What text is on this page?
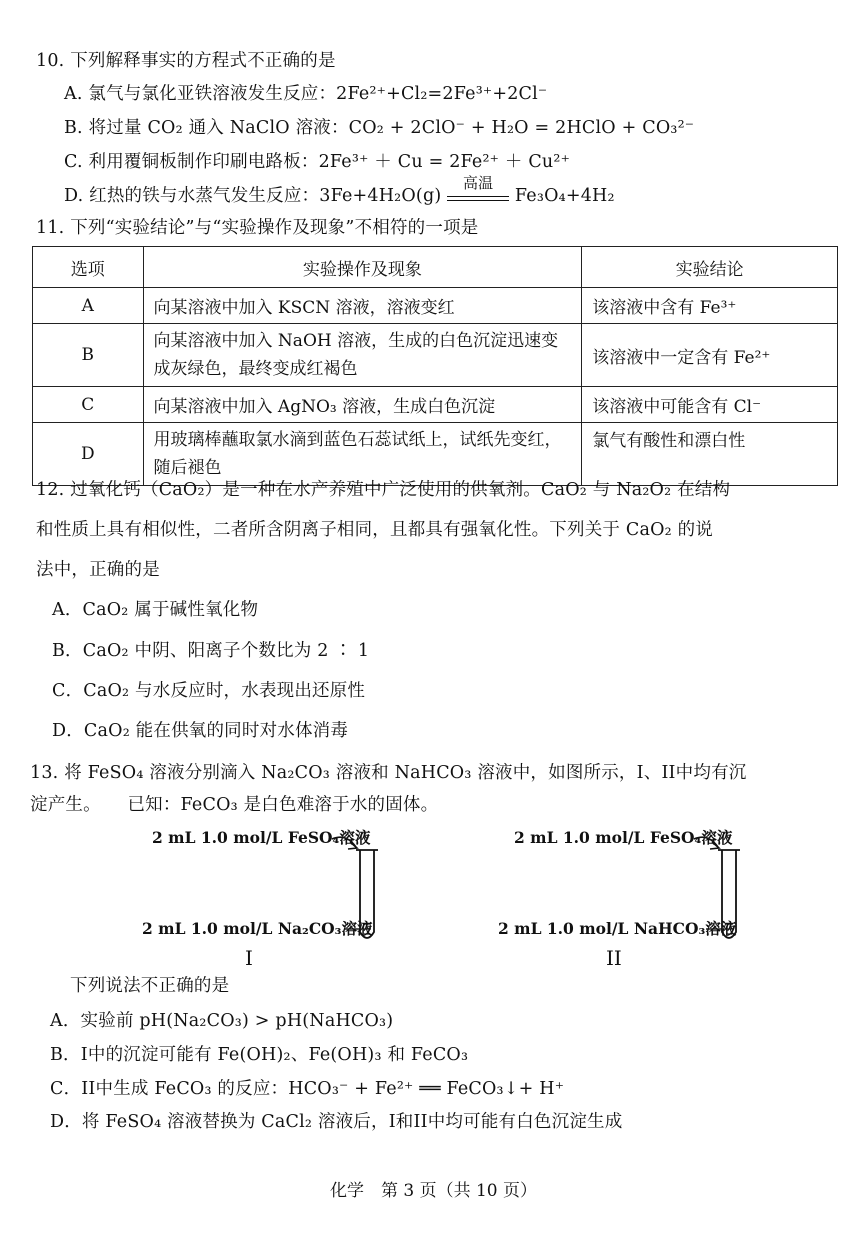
10. 下列解释事实的方程式不正确的是
A. 氯气与氯化亚铁溶液发生反应：2Fe²⁺+Cl₂=2Fe³⁺+2Cl⁻
B. 将过量 CO₂ 通入 NaClO 溶液：CO₂ + 2ClO⁻ + H₂O = 2HClO + CO₃²⁻
C. 利用覆铜板制作印刷电路板：2Fe³⁺ ＋ Cu = 2Fe²⁺ ＋ Cu²⁺
D. 红热的铁与水蒸气发生反应：3Fe+4H₂O(g)
高温
Fe₃O₄+4H₂
11. 下列“实验结论”与“实验操作及现象”不相符的一项是
选项	实验操作及现象	实验结论
A	向某溶液中加入 KSCN 溶液，溶液变红	该溶液中含有 Fe³⁺
B	向某溶液中加入 NaOH 溶液，生成的白色沉淀迅速变成灰绿色，最终变成红褐色	该溶液中一定含有 Fe²⁺
C	向某溶液中加入 AgNO₃ 溶液，生成白色沉淀	该溶液中可能含有 Cl⁻
D	用玻璃棒蘸取氯水滴到蓝色石蕊试纸上，试纸先变红，随后褪色	氯气有酸性和漂白性
12. 过氧化钙（CaO₂）是一种在水产养殖中广泛使用的供氧剂。CaO₂ 与 Na₂O₂ 在结构
和性质上具有相似性，二者所含阴离子相同，且都具有强氧化性。下列关于 CaO₂ 的说
法中，正确的是
A．CaO₂ 属于碱性氧化物
B．CaO₂ 中阴、阳离子个数比为 2 ∶ 1
C．CaO₂ 与水反应时，水表现出还原性
D．CaO₂ 能在供氧的同时对水体消毒
13. 将 FeSO₄ 溶液分别滴入 Na₂CO₃ 溶液和 NaHCO₃ 溶液中，如图所示，I、II中均有沉
淀产生。　　已知：FeCO₃ 是白色难溶于水的固体。
2 mL 1.0 mol/L FeSO₄溶液
2 mL 1.0 mol/L Na₂CO₃溶液
I
2 mL 1.0 mol/L FeSO₄溶液
2 mL 1.0 mol/L NaHCO₃溶液
II
下列说法不正确的是
A．实验前 pH(Na₂CO₃) > pH(NaHCO₃)
B．I中的沉淀可能有 Fe(OH)₂、Fe(OH)₃ 和 FeCO₃
C．II中生成 FeCO₃ 的反应：HCO₃⁻ + Fe²⁺ ══ FeCO₃↓+ H⁺
D．将 FeSO₄ 溶液替换为 CaCl₂ 溶液后，I和II中均可能有白色沉淀生成
化学　第 3 页（共 10 页）
